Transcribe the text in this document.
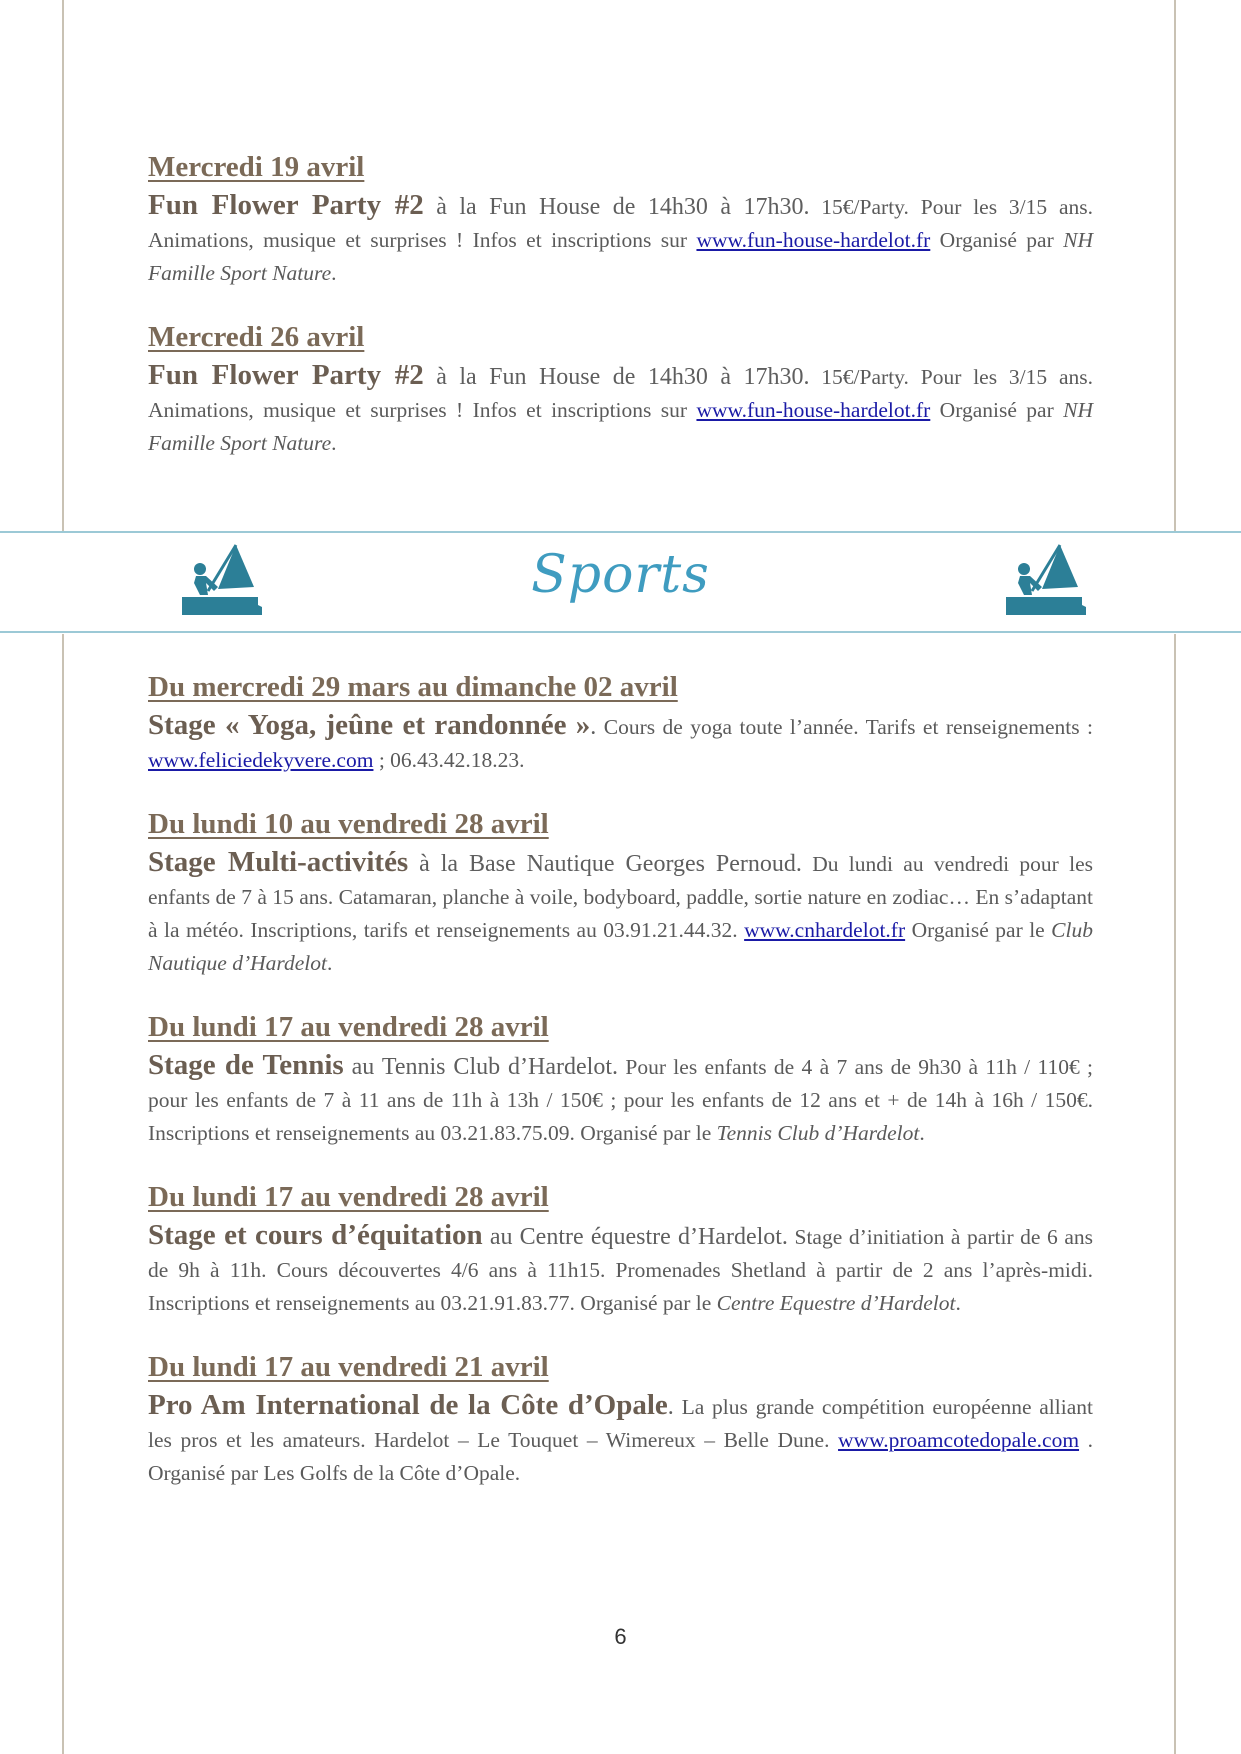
Mercredi 19 avril
Fun Flower Party #2 à la Fun House de 14h30 à 17h30. 15€/Party. Pour les 3/15 ans. Animations, musique et surprises ! Infos et inscriptions sur www.fun-house-hardelot.fr Organisé par NH Famille Sport Nature.
Mercredi 26 avril
Fun Flower Party #2 à la Fun House de 14h30 à 17h30. 15€/Party. Pour les 3/15 ans. Animations, musique et surprises ! Infos et inscriptions sur www.fun-house-hardelot.fr Organisé par NH Famille Sport Nature.
Sports
Du mercredi 29 mars au dimanche 02 avril
Stage « Yoga, jeûne et randonnée ». Cours de yoga toute l’année. Tarifs et renseignements : www.feliciedekyvere.com ; 06.43.42.18.23.
Du lundi 10 au vendredi 28 avril
Stage Multi-activités à la Base Nautique Georges Pernoud. Du lundi au vendredi pour les enfants de 7 à 15 ans. Catamaran, planche à voile, bodyboard, paddle, sortie nature en zodiac… En s’adaptant à la météo. Inscriptions, tarifs et renseignements au 03.91.21.44.32. www.cnhardelot.fr Organisé par le Club Nautique d’Hardelot.
Du lundi 17 au vendredi 28 avril
Stage de Tennis au Tennis Club d’Hardelot. Pour les enfants de 4 à 7 ans de 9h30 à 11h / 110€ ; pour les enfants de 7 à 11 ans de 11h à 13h / 150€ ; pour les enfants de 12 ans et + de 14h à 16h / 150€. Inscriptions et renseignements au 03.21.83.75.09. Organisé par le Tennis Club d’Hardelot.
Du lundi 17 au vendredi 28 avril
Stage et cours d’équitation au Centre équestre d’Hardelot. Stage d’initiation à partir de 6 ans de 9h à 11h. Cours découvertes 4/6 ans à 11h15. Promenades Shetland à partir de 2 ans l’après-midi. Inscriptions et renseignements au 03.21.91.83.77. Organisé par le Centre Equestre d’Hardelot.
Du lundi 17 au vendredi 21 avril
Pro Am International de la Côte d’Opale. La plus grande compétition européenne alliant les pros et les amateurs. Hardelot – Le Touquet – Wimereux – Belle Dune. www.proamcotedopale.com . Organisé par Les Golfs de la Côte d’Opale.
6
